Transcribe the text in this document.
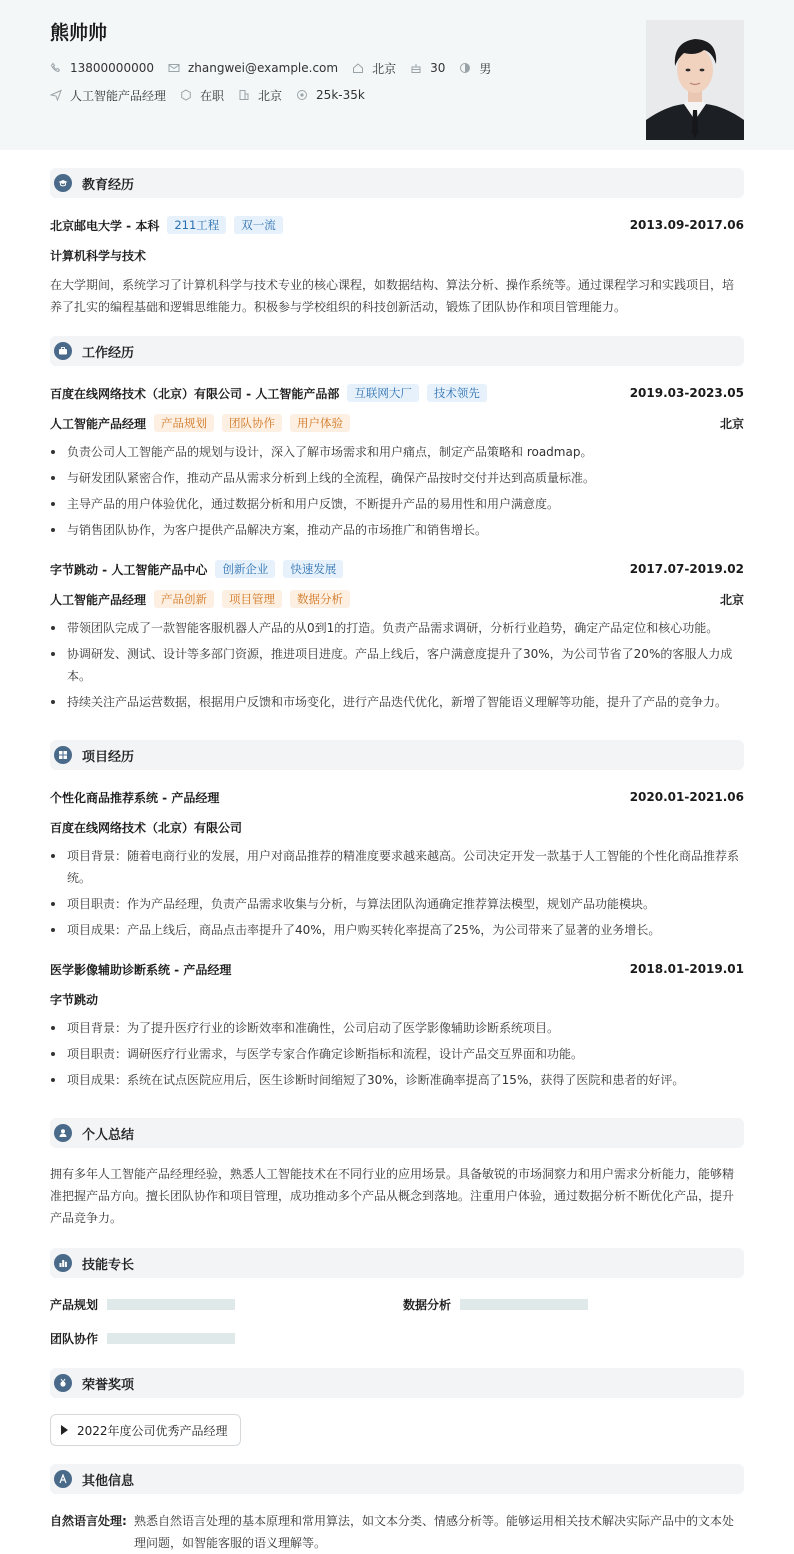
熊帅帅
13800000000	zhangwei@example.com	北京	30	男
人工智能产品经理	在职	北京	25k-35k
教育经历
北京邮电大学 - 本科	211工程	双一流	2013.09-2017.06
计算机科学与技术
在大学期间，系统学习了计算机科学与技术专业的核心课程，如数据结构、算法分析、操作系统等。通过课程学习和实践项目，培养了扎实的编程基础和逻辑思维能力。积极参与学校组织的科技创新活动，锻炼了团队协作和项目管理能力。
工作经历
百度在线网络技术（北京）有限公司 - 人工智能产品部	互联网大厂	技术领先	2019.03-2023.05
人工智能产品经理	产品规划	团队协作	用户体验	北京
负责公司人工智能产品的规划与设计，深入了解市场需求和用户痛点，制定产品策略和 roadmap。
与研发团队紧密合作，推动产品从需求分析到上线的全流程，确保产品按时交付并达到高质量标准。
主导产品的用户体验优化，通过数据分析和用户反馈，不断提升产品的易用性和用户满意度。
与销售团队协作，为客户提供产品解决方案，推动产品的市场推广和销售增长。
字节跳动 - 人工智能产品中心	创新企业	快速发展	2017.07-2019.02
人工智能产品经理	产品创新	项目管理	数据分析	北京
带领团队完成了一款智能客服机器人产品的从0到1的打造。负责产品需求调研，分析行业趋势，确定产品定位和核心功能。
协调研发、测试、设计等多部门资源，推进项目进度。产品上线后，客户满意度提升了30%，为公司节省了20%的客服人力成本。
持续关注产品运营数据，根据用户反馈和市场变化，进行产品迭代优化，新增了智能语义理解等功能，提升了产品的竞争力。
项目经历
个性化商品推荐系统 - 产品经理	2020.01-2021.06
百度在线网络技术（北京）有限公司
项目背景：随着电商行业的发展，用户对商品推荐的精准度要求越来越高。公司决定开发一款基于人工智能的个性化商品推荐系统。
项目职责：作为产品经理，负责产品需求收集与分析，与算法团队沟通确定推荐算法模型，规划产品功能模块。
项目成果：产品上线后，商品点击率提升了40%，用户购买转化率提高了25%，为公司带来了显著的业务增长。
医学影像辅助诊断系统 - 产品经理	2018.01-2019.01
字节跳动
项目背景：为了提升医疗行业的诊断效率和准确性，公司启动了医学影像辅助诊断系统项目。
项目职责：调研医疗行业需求，与医学专家合作确定诊断指标和流程，设计产品交互界面和功能。
项目成果：系统在试点医院应用后，医生诊断时间缩短了30%，诊断准确率提高了15%，获得了医院和患者的好评。
个人总结
拥有多年人工智能产品经理经验，熟悉人工智能技术在不同行业的应用场景。具备敏锐的市场洞察力和用户需求分析能力，能够精准把握产品方向。擅长团队协作和项目管理，成功推动多个产品从概念到落地。注重用户体验，通过数据分析不断优化产品，提升产品竞争力。
技能专长
产品规划	数据分析
团队协作
荣誉奖项
2022年度公司优秀产品经理
其他信息
自然语言处理: 熟悉自然语言处理的基本原理和常用算法，如文本分类、情感分析等。能够运用相关技术解决实际产品中的文本处理问题，如智能客服的语义理解等。
